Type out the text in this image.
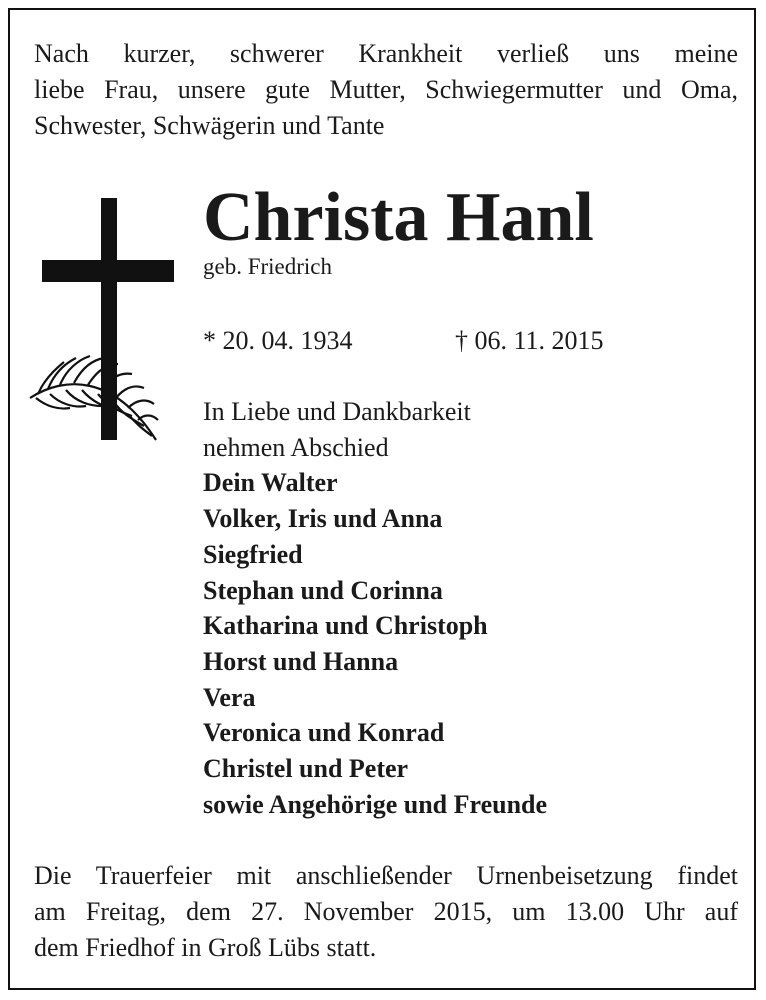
Nach kurzer, schwerer Krankheit verließ uns meine
liebe Frau, unsere gute Mutter, Schwiegermutter und Oma,
Schwester, Schwägerin und Tante
Christa Hanl
geb. Friedrich
* 20. 04. 1934	† 06. 11. 2015
In Liebe und Dankbarkeit
nehmen Abschied
Dein Walter
Volker, Iris und Anna
Siegfried
Stephan und Corinna
Katharina und Christoph
Horst und Hanna
Vera
Veronica und Konrad
Christel und Peter
sowie Angehörige und Freunde
Die Trauerfeier mit anschließender Urnenbeisetzung findet
am Freitag, dem 27. November 2015, um 13.00 Uhr auf
dem Friedhof in Groß Lübs statt.
